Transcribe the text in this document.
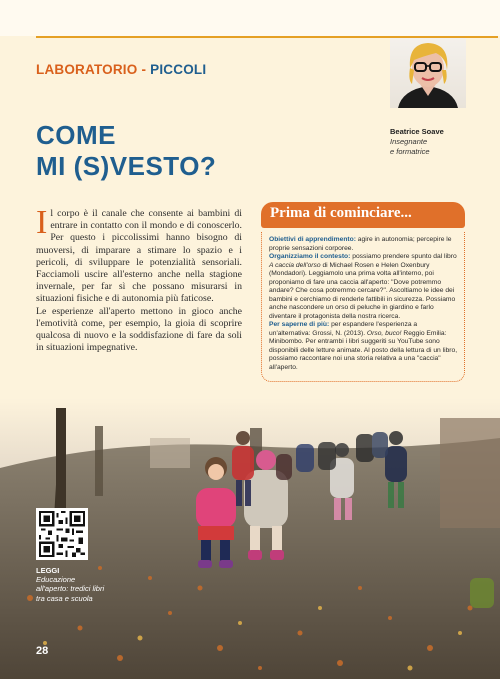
LABORATORIO - PICCOLI
COME
MI (S)VESTO?
Beatrice Soave
Insegnante
e formatrice

Il corpo è il canale che consente ai bambini di entrare in contatto con il mondo e di conoscerlo. Per questo i piccolissimi hanno bisogno di muoversi, di imparare a stimare lo spazio e i pericoli, di sviluppare le potenzialità sensoriali. Facciamoli uscire all'esterno anche nella stagione invernale, per far sì che possano misurarsi in situazioni fisiche e di autonomia più faticose.

Le esperienze all'aperto mettono in gioco anche l'emotività come, per esempio, la gioia di scoprire qualcosa di nuovo e la soddisfazione di fare da soli in situazioni impegnative.

Prima di cominciare...

Obiettivi di apprendimento: agire in autonomia; percepire le proprie sensazioni corporee.

Organizziamo il contesto: possiamo prendere spunto dal libro A caccia dell'orso di Michael Rosen e Helen Oxenbury (Mondadori). Leggiamolo una prima volta all'interno, poi proponiamo di fare una caccia all'aperto: "Dove potremmo andare? Che cosa potremmo cercare?". Ascoltiamo le idee dei bambini e cerchiamo di renderle fattibili in sicurezza. Possiamo anche nascondere un orso di peluche in giardino e farlo diventare il protagonista della nostra ricerca.

Per saperne di più: per espandere l'esperienza a un'alternativa: Grossi, N. (2013). Orso, buco! Reggio Emilia: Minibombo. Per entrambi i libri suggeriti su YouTube sono disponibili delle letture animate. Al posto della lettura di un libro, possiamo raccontare noi una storia relativa a una "caccia" all'aperto.

LEGGI
Educazione all'aperto: tredici libri tra casa e scuola
28
